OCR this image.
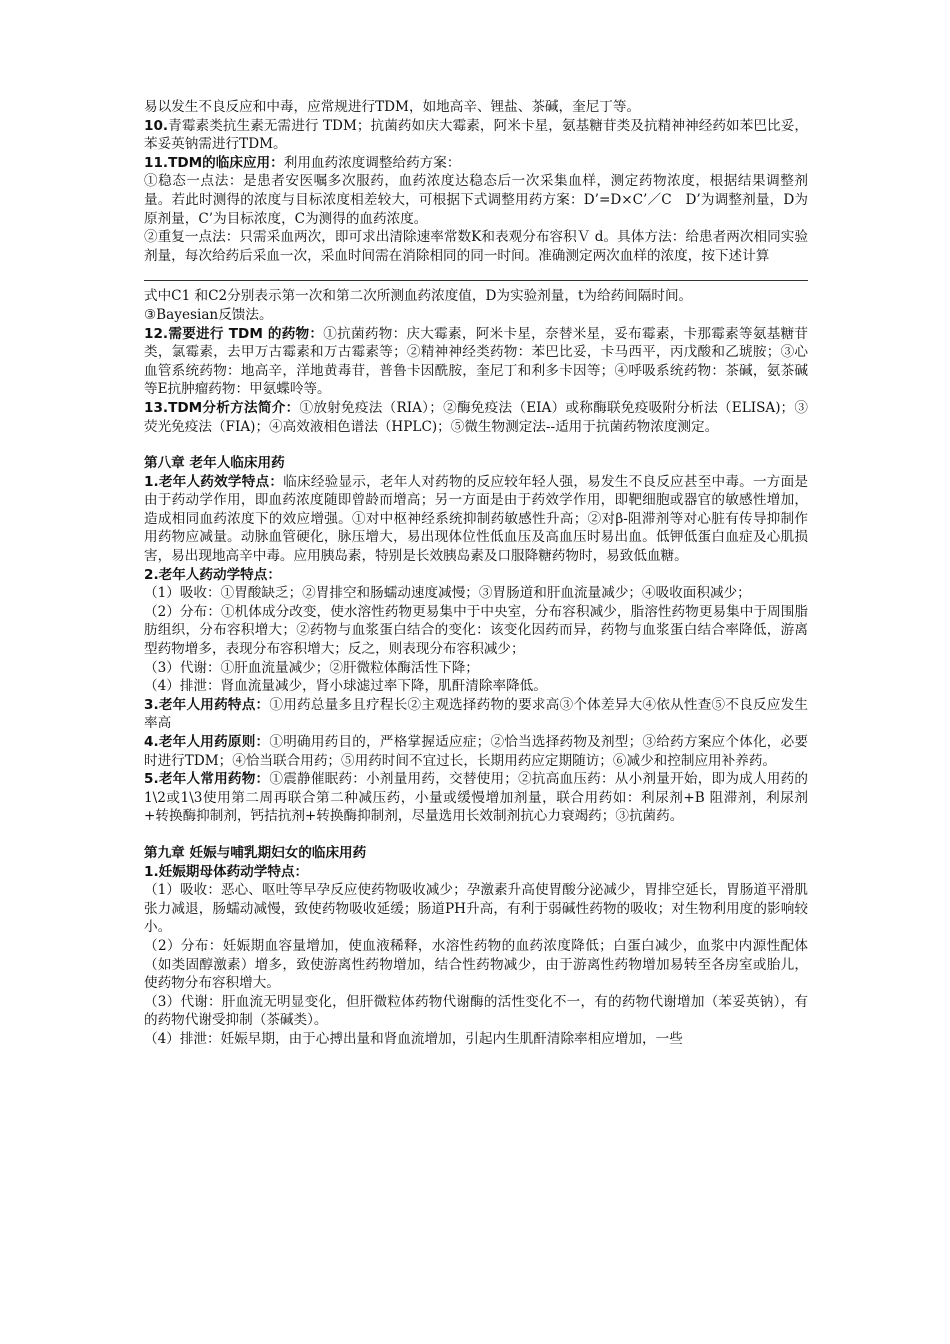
易以发生不良反应和中毒，应常规进行TDM，如地高辛、锂盐、茶碱，奎尼丁等。

10.青霉素类抗生素无需进行 TDM；抗菌药如庆大霉素，阿米卡星，氨基糖苷类及抗精神神经药如苯巴比妥，苯妥英钠需进行TDM。

11.TDM的临床应用：利用血药浓度调整给药方案：

①稳态一点法：是患者安医嘱多次服药，血药浓度达稳态后一次采集血样，测定药物浓度，根据结果调整剂量。若此时测得的浓度与目标浓度相差较大，可根据下式调整用药方案：D’=D×C’／C　D’为调整剂量，D为原剂量，C’为目标浓度，C为测得的血药浓度。

②重复一点法：只需采血两次，即可求出清除速率常数K和表观分布容积Ｖ d。具体方法：给患者两次相同实验剂量，每次给药后采血一次，采血时间需在消除相同的同一时间。准确测定两次血样的浓度，按下述计算

式中C1 和C2分别表示第一次和第二次所测血药浓度值，D为实验剂量，t为给药间隔时间。

③Bayesian反馈法。

12.需要进行 TDM 的药物：①抗菌药物：庆大霉素，阿米卡星，奈替米星，妥布霉素，卡那霉素等氨基糖苷类，氯霉素，去甲万古霉素和万古霉素等；②精神神经类药物：苯巴比妥，卡马西平，丙戊酸和乙琥胺；③心血管系统药物：地高辛，洋地黄毒苷，普鲁卡因酰胺，奎尼丁和利多卡因等；④呼吸系统药物：茶碱，氨茶碱等E抗肿瘤药物：甲氨蝶呤等。

13.TDM分析方法简介：①放射免疫法（RIA）；②酶免疫法（EIA）或称酶联免疫吸附分析法（ELISA)；③荧光免疫法（FIA)；④高效液相色谱法（HPLC)；⑤微生物测定法--适用于抗菌药物浓度测定。

第八章 老年人临床用药

1.老年人药效学特点：临床经验显示，老年人对药物的反应较年轻人强，易发生不良反应甚至中毒。一方面是由于药动学作用，即血药浓度随即曾龄而增高；另一方面是由于药效学作用，即靶细胞或器官的敏感性增加，造成相同血药浓度下的效应增强。①对中枢神经系统抑制药敏感性升高；②对β-阻滞剂等对心脏有传导抑制作用药物应减量。动脉血管硬化，脉压增大，易出现体位性低血压及高血压时易出血。低钾低蛋白血症及心肌损害，易出现地高辛中毒。应用胰岛素，特别是长效胰岛素及口服降糖药物时，易致低血糖。

2.老年人药动学特点：

（1）吸收：①胃酸缺乏；②胃排空和肠蠕动速度减慢；③胃肠道和肝血流量减少；④吸收面积减少；

（2）分布：①机体成分改变，使水溶性药物更易集中于中央室，分布容积减少，脂溶性药物更易集中于周围脂肪组织，分布容积增大；②药物与血浆蛋白结合的变化：该变化因药而异，药物与血浆蛋白结合率降低，游离型药物增多，表现分布容积增大；反之，则表现分布容积减少；

（3）代谢：①肝血流量减少；②肝微粒体酶活性下降；

（4）排泄：肾血流量减少，肾小球滤过率下降，肌酐清除率降低。

3.老年人用药特点：①用药总量多且疗程长②主观选择药物的要求高③个体差异大④依从性查⑤不良反应发生率高

4.老年人用药原则：①明确用药目的，严格掌握适应症；②恰当选择药物及剂型；③给药方案应个体化，必要时进行TDM；④恰当联合用药；⑤用药时间不宜过长，长期用药应定期随访；⑥减少和控制应用补养药。

5.老年人常用药物：①震静催眠药：小剂量用药，交替使用；②抗高血压药：从小剂量开始，即为成人用药的1\2或1\3使用第二周再联合第二种减压药，小量或缓慢增加剂量，联合用药如：利尿剂+B 阻滞剂，利尿剂+转换酶抑制剂，钙拮抗剂+转换酶抑制剂，尽量选用长效制剂抗心力衰竭药；③抗菌药。

第九章 妊娠与哺乳期妇女的临床用药

1.妊娠期母体药动学特点：

（1）吸收：恶心、呕吐等早孕反应使药物吸收减少；孕激素升高使胃酸分泌减少，胃排空延长，胃肠道平滑肌张力减退，肠蠕动减慢，致使药物吸收延缓；肠道PH升高，有利于弱碱性药物的吸收；对生物利用度的影响较小。

（2）分布：妊娠期血容量增加，使血液稀释，水溶性药物的血药浓度降低；白蛋白减少，血浆中内源性配体（如类固醇激素）增多，致使游离性药物增加，结合性药物减少，由于游离性药物增加易转至各房室或胎儿，使药物分布容积增大。

（3）代谢：肝血流无明显变化，但肝微粒体药物代谢酶的活性变化不一，有的药物代谢增加（苯妥英钠），有的药物代谢受抑制（茶碱类）。

（4）排泄：妊娠早期，由于心搏出量和肾血流增加，引起内生肌酐清除率相应增加，一些
